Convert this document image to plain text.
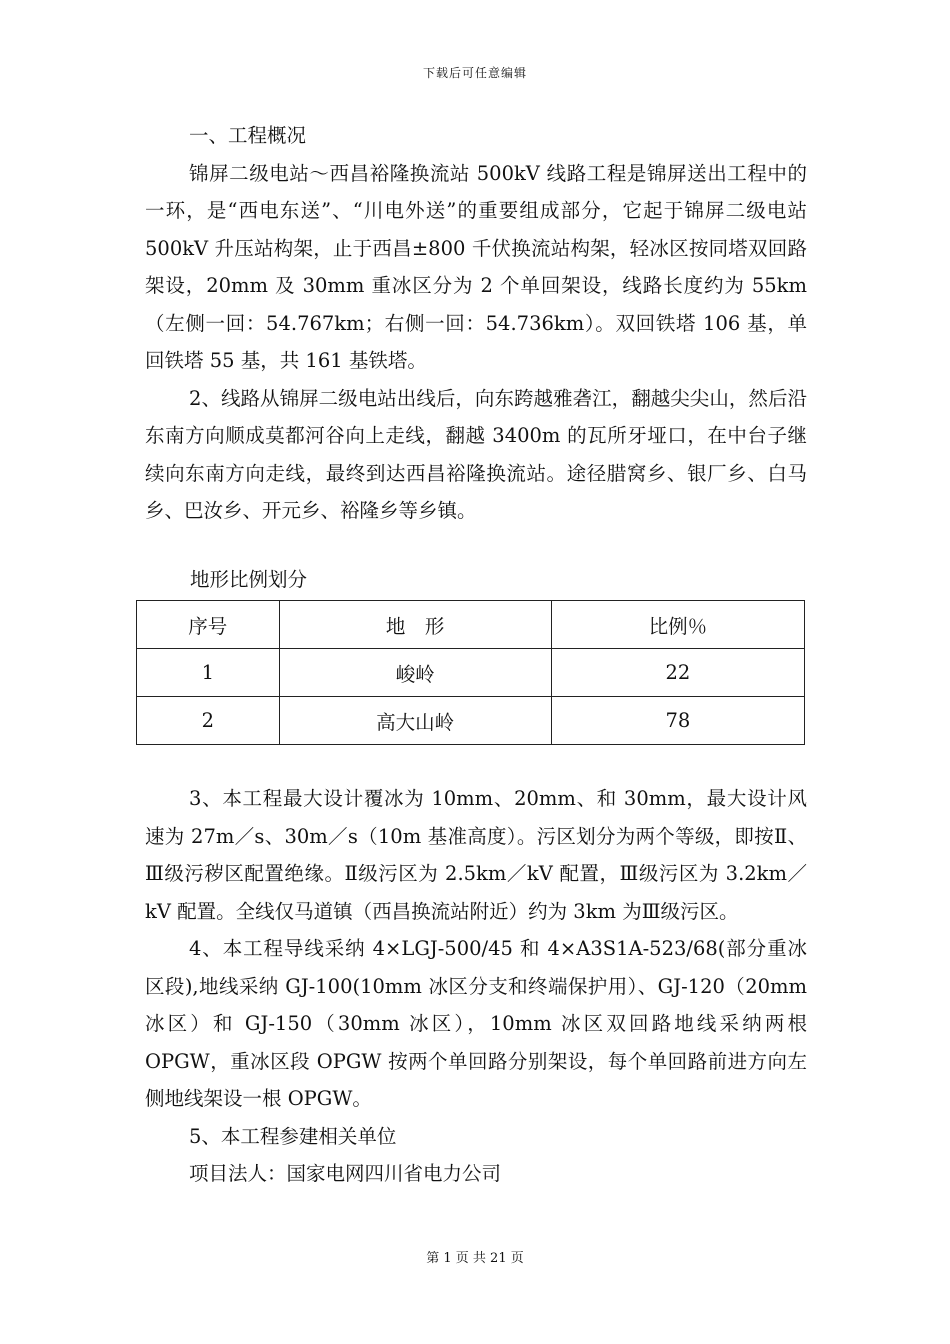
下载后可任意编辑

一、工程概况

锦屏二级电站～西昌裕隆换流站 500kV 线路工程是锦屏送出工程中的一环，是“西电东送”、“川电外送”的重要组成部分，它起于锦屏二级电站 500kV 升压站构架，止于西昌±800 千伏换流站构架，轻冰区按同塔双回路架设，20mm 及 30mm 重冰区分为 2 个单回架设，线路长度约为 55km（左侧一回：54.767km；右侧一回：54.736km）。双回铁塔 106 基，单回铁塔 55 基，共 161 基铁塔。

2、线路从锦屏二级电站出线后，向东跨越雅砻江，翻越尖尖山，然后沿东南方向顺成莫都河谷向上走线，翻越 3400m 的瓦所牙垭口，在中台子继续向东南方向走线，最终到达西昌裕隆换流站。途径腊窝乡、银厂乡、白马乡、巴汝乡、开元乡、裕隆乡等乡镇。

地形比例划分
序号	地　形	比例％
1	峻岭	22
2	高大山岭	78

3、本工程最大设计覆冰为 10mm、20mm、和 30mm，最大设计风速为 27m／s、30m／s（10m 基准高度）。污区划分为两个等级，即按Ⅱ、Ⅲ级污秽区配置绝缘。Ⅱ级污区为 2.5km／kV 配置，Ⅲ级污区为 3.2km／kV 配置。全线仅马道镇（西昌换流站附近）约为 3km 为Ⅲ级污区。

4、本工程导线采纳 4×LGJ-500/45 和 4×A3S1A-523/68(部分重冰区段),地线采纳 GJ-100(10mm 冰区分支和终端保护用）、GJ-120（20mm 冰区）和 GJ-150（30mm 冰区），10mm 冰区双回路地线采纳两根 OPGW，重冰区段 OPGW 按两个单回路分别架设，每个单回路前进方向左侧地线架设一根 OPGW。

5、本工程参建相关单位

项目法人：国家电网四川省电力公司

第 1 页 共 21 页
